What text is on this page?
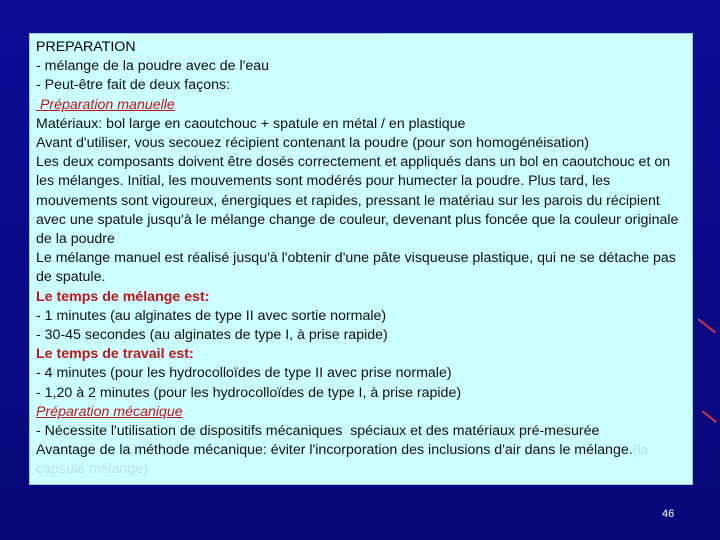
PREPARATION

- mélange de la poudre avec de l'eau

- Peut-être fait de deux façons:

Préparation manuelle

Matériaux: bol large en caoutchouc + spatule en métal / en plastique

Avant d'utiliser, vous secouez récipient contenant la poudre (pour son homogénéisation)

Les deux composants doivent être dosés correctement et appliqués dans un bol en caoutchouc et on les mélanges. Initial, les mouvements sont modérés pour humecter la poudre. Plus tard, les mouvements sont vigoureux, énergiques et rapides, pressant le matériau sur les parois du récipient avec une spatule jusqu'à le mélange change de couleur, devenant plus foncée que la couleur originale de la poudre

Le mélange manuel est réalisé jusqu'à l'obtenir d'une pâte visqueuse plastique, qui ne se détache pas de spatule.

Le temps de mélange est:

- 1 minutes (au alginates de type II avec sortie normale)

- 30-45 secondes (au alginates de type I, à prise rapide)

Le temps de travail est:

- 4 minutes (pour les hydrocolloïdes de type II avec prise normale)

- 1,20 à 2 minutes (pour les hydrocolloïdes de type I, à prise rapide)

Préparation mécanique

- Nécessite l'utilisation de dispositifs mécaniques  spéciaux et des matériaux pré-mesurée

Avantage de la méthode mécanique: éviter l'incorporation des inclusions d'air dans le mélange.(la capsule mélange)

46
